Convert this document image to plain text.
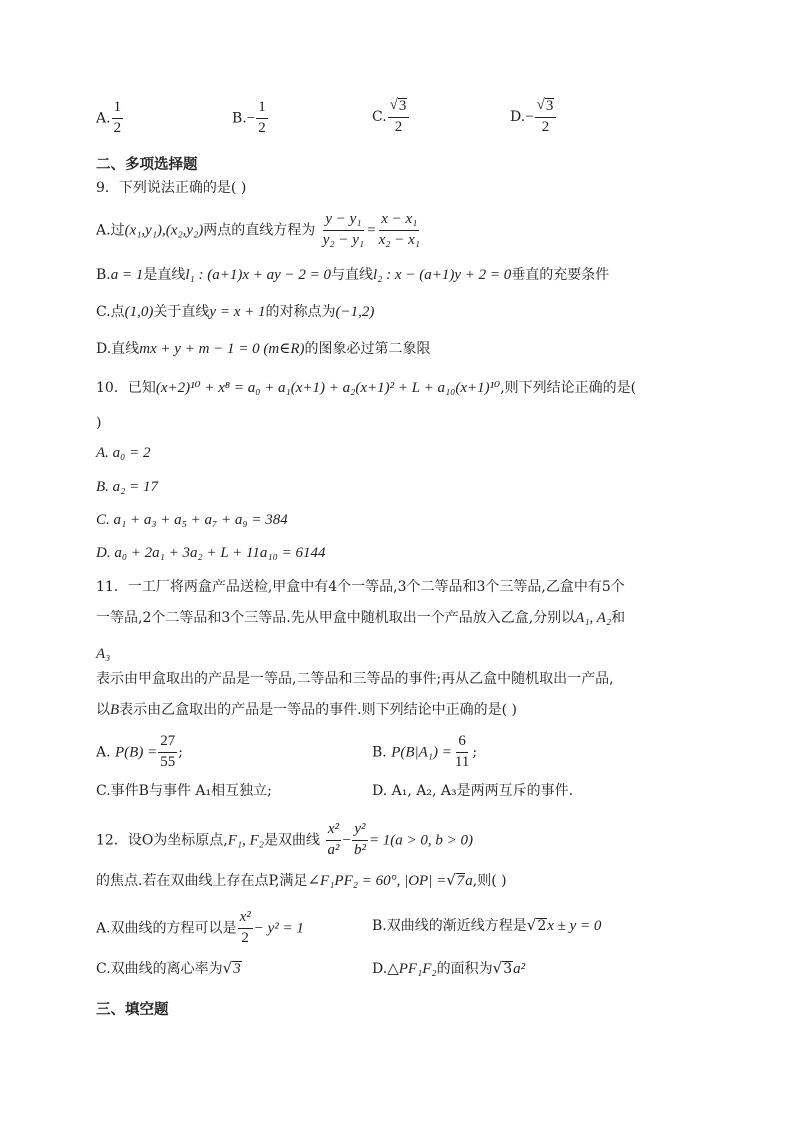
A. $\frac{1}{2}$	$B.- \frac{1}{2}$	C. $\frac{√ 3}{2}$	$D.- \frac{√ 3}{2}$
二、多项选择题
9．下列说法正确的是( )
A.过(x₁,y₁),(x₂,y₂)两点的直线方程为 $\frac{\text{y − y₁}}{\text{y₂ − y₁}} = \frac{\text{x − x₁}}{\text{x₂ − x₁}}$
B.a = 1是直线l₁ : (a+1)x + ay − 2 = 0与直线l₂ : x − (a+1)y + 2 = 0垂直的充要条件
C.点(1,0)关于直线y = x + 1的对称点为(−1,2)
D.直线mx + y + m − 1 = 0 (m∈R)的图象必过第二象限
10．已知(x+2)¹⁰ + x⁸ = a₀ + a₁(x+1) + a₂(x+1)² + L + a₁₀(x+1)¹⁰,则下列结论正确的是(
)
A. a₀ = 2
B. a₂ = 17
C. a₁ + a₃ + a₅ + a₇ + a₉ = 384
D. a₀ + 2a₁ + 3a₂ + L + 11a₁₀ = 6144
11．一工厂将两盒产品送检,甲盒中有4个一等品,3个二等品和3个三等品,乙盒中有5个
一等品,2个二等品和3个三等品.先从甲盒中随机取出一个产品放入乙盒,分别以A₁, A₂和
A₃
表示由甲盒取出的产品是一等品,二等品和三等品的事件;再从乙盒中随机取出一产品,
以B表示由乙盒取出的产品是一等品的事件.则下列结论中正确的是( )
A. $P(B) = \frac{27}{55}$ ;	B. $P(B|A_1) = \frac{6}{11}$ ;
C.事件B与事件 A₁相互独立;	D. A₁, A₂, A₃是两两互斥的事件.
12．设O为坐标原点,F₁, F₂是双曲线 $\frac{\text{x²}}{\text{a²}} - \frac{\text{y²}}{\text{b²}} = 1(a > 0$, b > 0)
的焦点.若在双曲线上存在点P,满足∠F₁PF₂ = 60°, |OP| = √ 7 a,则( )
A.双曲线的方程可以是 $\frac{\text{x²}}{2} - y^2 = 1$	B.双曲线的渐近线方程是 √ 2 x ± y = 0
C.双曲线的离心率为 √ 3	D.△PF₁F₂的面积为 √ 3 a²
三、填空题
